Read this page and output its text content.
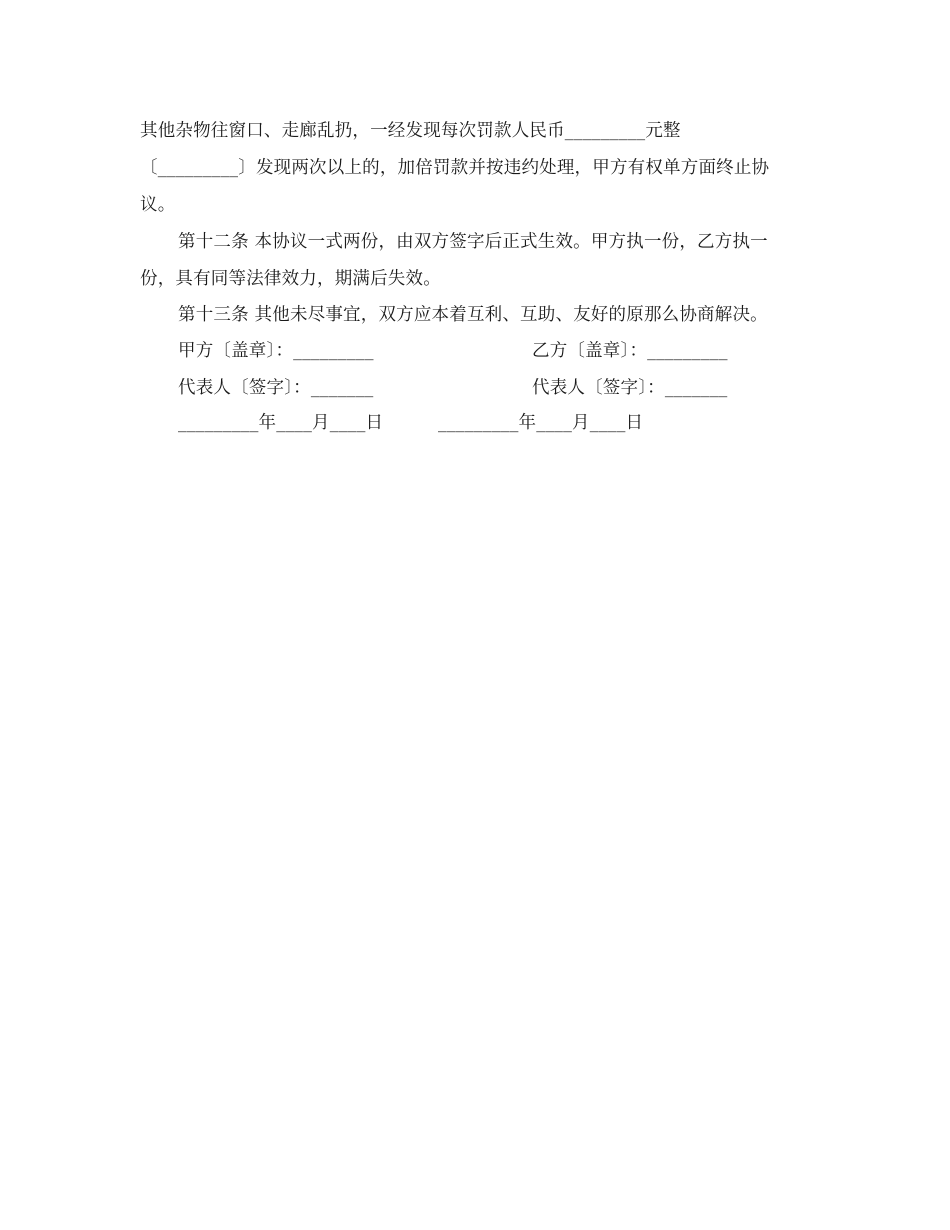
其他杂物往窗口、走廊乱扔，一经发现每次罚款人民币_________元整
〔_________〕发现两次以上的，加倍罚款并按违约处理，甲方有权单方面终止协
议。
第十二条 本协议一式两份，由双方签字后正式生效。甲方执一份，乙方执一
份，具有同等法律效力，期满后失效。
第十三条 其他未尽事宜，双方应本着互利、互助、友好的原那么协商解决。
甲方〔盖章〕：_________	乙方〔盖章〕：_________
代表人〔签字〕：_______	代表人〔签字〕：_______
_________年____月____日	_________年____月____日
